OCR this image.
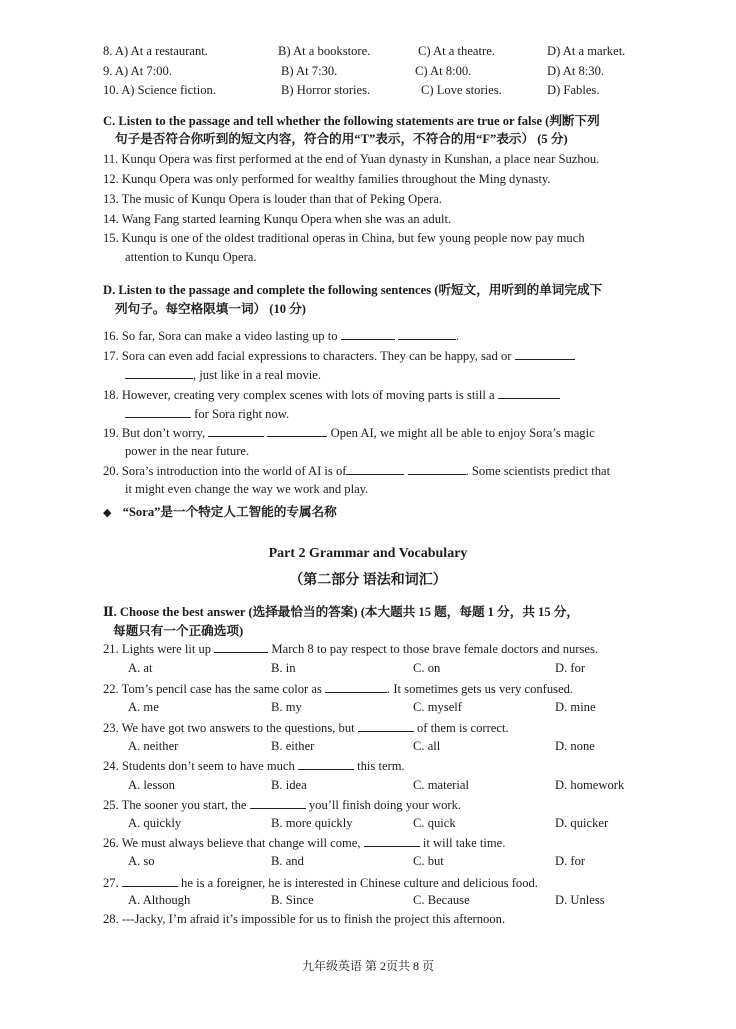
8. A) At a restaurant.	B) At a bookstore.	C) At a theatre.	D) At a market.
9. A) At 7:00.	B) At 7:30.	C) At 8:00.	D) At 8:30.
10. A) Science fiction.	B) Horror stories.	C) Love stories.	D) Fables.
C. Listen to the passage and tell whether the following statements are true or false (判断下列
句子是否符合你听到的短文内容，符合的用“T”表示，不符合的用“F”表示） (5 分)
11. Kunqu Opera was first performed at the end of Yuan dynasty in Kunshan, a place near Suzhou.
12. Kunqu Opera was only performed for wealthy families throughout the Ming dynasty.
13. The music of Kunqu Opera is louder than that of Peking Opera.
14. Wang Fang started learning Kunqu Opera when she was an adult.
15. Kunqu is one of the oldest traditional operas in China, but few young people now pay much
attention to Kunqu Opera.
D. Listen to the passage and complete the following sentences (听短文，用听到的单词完成下
列句子。每空格限填一词） (10 分)
16. So far, Sora can make a video lasting up to	.
17. Sora can even add facial expressions to characters. They can be happy, sad or
, just like in a real movie.
18. However, creating very complex scenes with lots of moving parts is still a
for Sora right now.
19. But don’t worry,	Open AI, we might all be able to enjoy Sora’s magic
power in the near future.
20. Sora’s introduction into the world of AI is of	. Some scientists predict that
it might even change the way we work and play.
◆ “Sora”是一个特定人工智能的专属名称
Part 2 Grammar and Vocabulary
（第二部分 语法和词汇）
Ⅱ. Choose the best answer (选择最恰当的答案) (本大题共 15 题，每题 1 分，共 15 分，
每题只有一个正确选项)
21. Lights were lit up	March 8 to pay respect to those brave female doctors and nurses.
A. at	B. in	C. on	D. for
22. Tom’s pencil case has the same color as	. It sometimes gets us very confused.
A. me	B. my	C. myself	D. mine
23. We have got two answers to the questions, but	of them is correct.
A. neither	B. either	C. all	D. none
24. Students don’t seem to have much	this term.
A. lesson	B. idea	C. material	D. homework
25. The sooner you start, the	you’ll finish doing your work.
A. quickly	B. more quickly	C. quick	D. quicker
26. We must always believe that change will come,	it will take time.
A. so	B. and	C. but	D. for
27.	he is a foreigner, he is interested in Chinese culture and delicious food.
A. Although	B. Since	C. Because	D. Unless
28. ---Jacky, I’m afraid it’s impossible for us to finish the project this afternoon.
九年级英语 第 2页共 8 页
